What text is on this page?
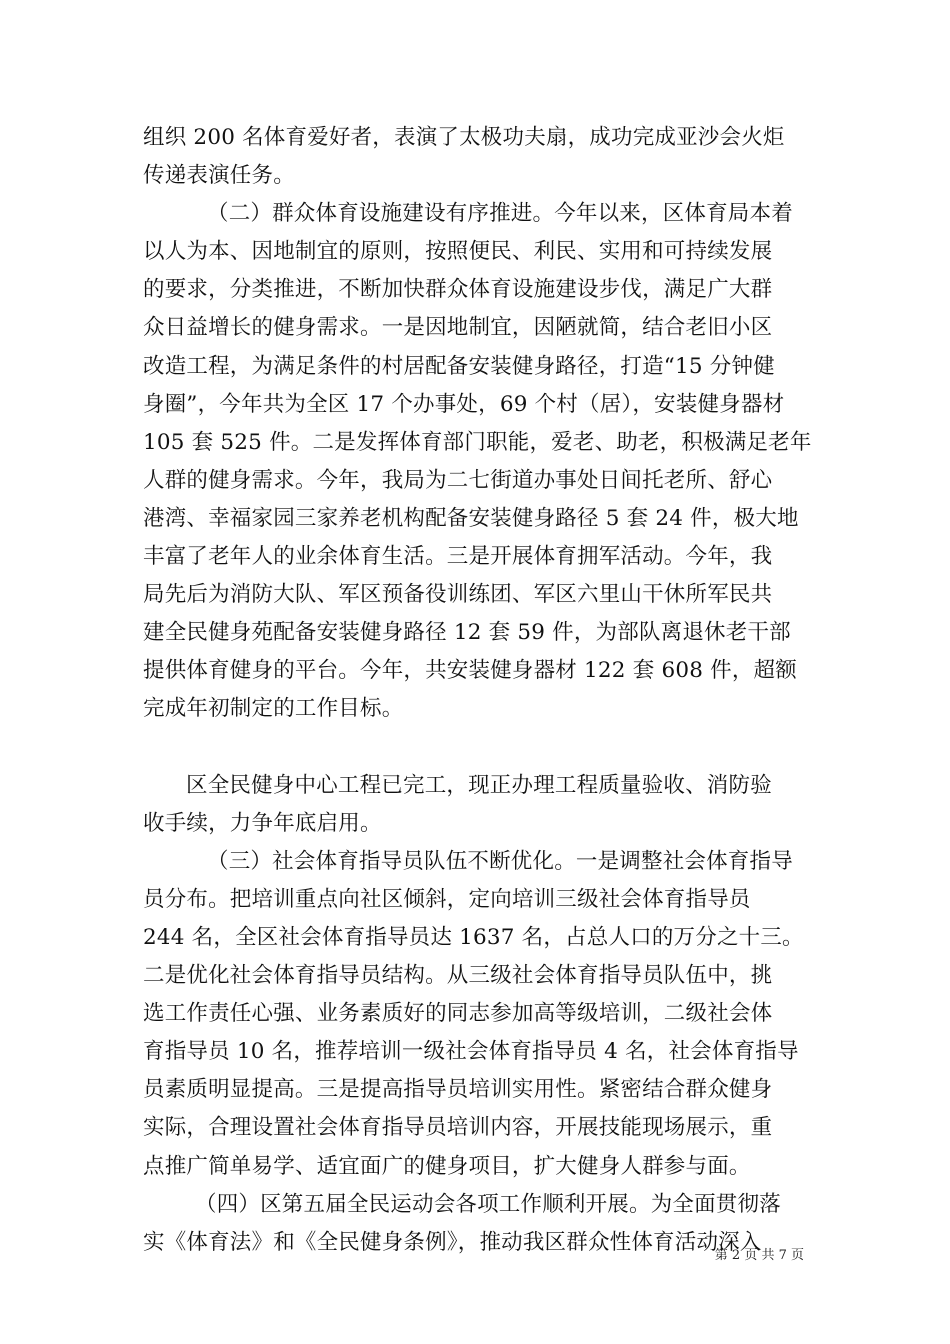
组织 200 名体育爱好者，表演了太极功夫扇，成功完成亚沙会火炬
传递表演任务。
（二）群众体育设施建设有序推进。今年以来，区体育局本着
以人为本、因地制宜的原则，按照便民、利民、实用和可持续发展
的要求，分类推进，不断加快群众体育设施建设步伐，满足广大群
众日益增长的健身需求。一是因地制宜，因陋就简，结合老旧小区
改造工程，为满足条件的村居配备安装健身路径，打造“15 分钟健
身圈”，今年共为全区 17 个办事处，69 个村（居），安装健身器材
105 套 525 件。二是发挥体育部门职能，爱老、助老，积极满足老年
人群的健身需求。今年，我局为二七街道办事处日间托老所、舒心
港湾、幸福家园三家养老机构配备安装健身路径 5 套 24 件，极大地
丰富了老年人的业余体育生活。三是开展体育拥军活动。今年，我
局先后为消防大队、军区预备役训练团、军区六里山干休所军民共
建全民健身苑配备安装健身路径 12 套 59 件，为部队离退休老干部
提供体育健身的平台。今年，共安装健身器材 122 套 608 件，超额
完成年初制定的工作目标。
区全民健身中心工程已完工，现正办理工程质量验收、消防验
收手续，力争年底启用。
（三）社会体育指导员队伍不断优化。一是调整社会体育指导
员分布。把培训重点向社区倾斜，定向培训三级社会体育指导员
244 名，全区社会体育指导员达 1637 名，占总人口的万分之十三。
二是优化社会体育指导员结构。从三级社会体育指导员队伍中，挑
选工作责任心强、业务素质好的同志参加高等级培训，二级社会体
育指导员 10 名，推荐培训一级社会体育指导员 4 名，社会体育指导
员素质明显提高。三是提高指导员培训实用性。紧密结合群众健身
实际，合理设置社会体育指导员培训内容，开展技能现场展示，重
点推广简单易学、适宜面广的健身项目，扩大健身人群参与面。
（四）区第五届全民运动会各项工作顺利开展。为全面贯彻落
实《体育法》和《全民健身条例》，推动我区群众性体育活动深入
第 2 页 共 7 页
